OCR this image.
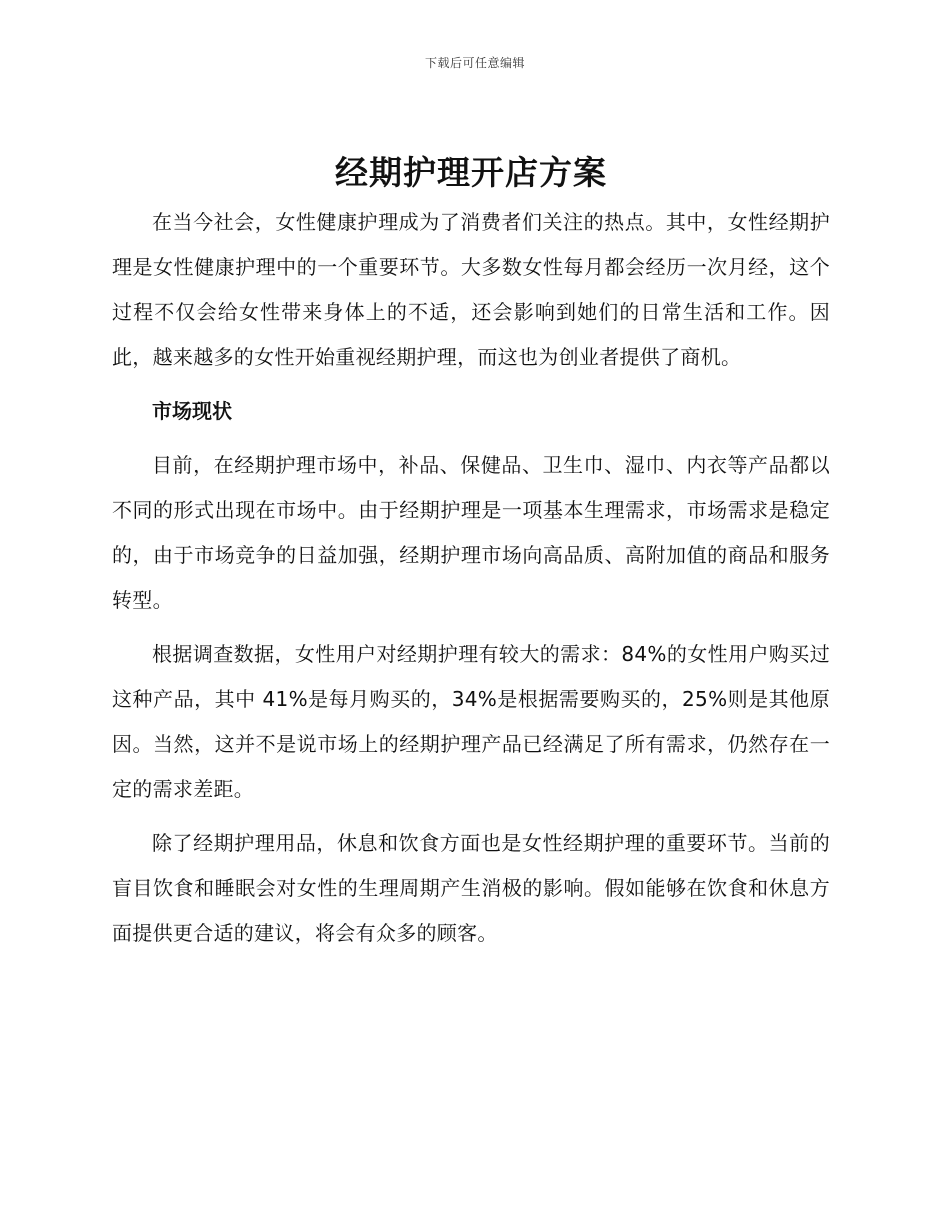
下载后可任意编辑
经期护理开店方案

在当今社会，女性健康护理成为了消费者们关注的热点。其中，女性经期护理是女性健康护理中的一个重要环节。大多数女性每月都会经历一次月经，这个过程不仅会给女性带来身体上的不适，还会影响到她们的日常生活和工作。因此，越来越多的女性开始重视经期护理，而这也为创业者提供了商机。

市场现状

目前，在经期护理市场中，补品、保健品、卫生巾、湿巾、内衣等产品都以不同的形式出现在市场中。由于经期护理是一项基本生理需求，市场需求是稳定的，由于市场竞争的日益加强，经期护理市场向高品质、高附加值的商品和服务转型。

根据调查数据，女性用户对经期护理有较大的需求：84%的女性用户购买过这种产品，其中 41%是每月购买的，34%是根据需要购买的，25%则是其他原因。当然，这并不是说市场上的经期护理产品已经满足了所有需求，仍然存在一定的需求差距。

除了经期护理用品，休息和饮食方面也是女性经期护理的重要环节。当前的盲目饮食和睡眠会对女性的生理周期产生消极的影响。假如能够在饮食和休息方面提供更合适的建议，将会有众多的顾客。
